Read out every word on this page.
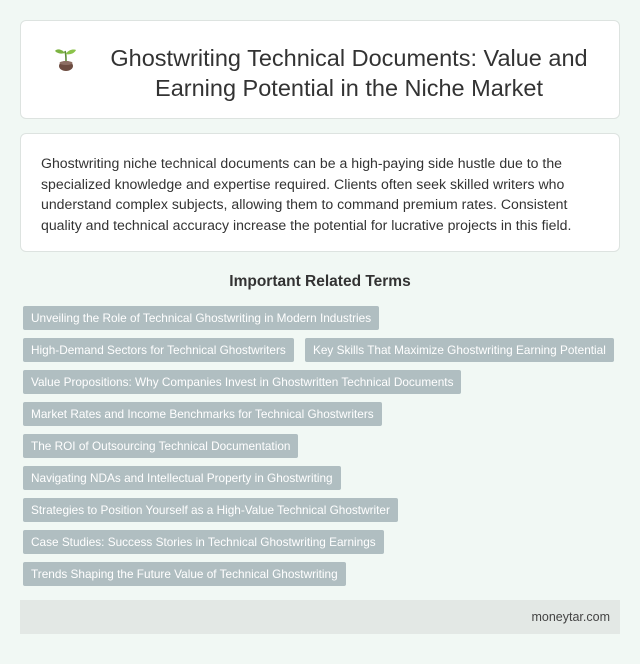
Ghostwriting Technical Documents: Value and Earning Potential in the Niche Market

Ghostwriting niche technical documents can be a high-paying side hustle due to the specialized knowledge and expertise required. Clients often seek skilled writers who understand complex subjects, allowing them to command premium rates. Consistent quality and technical accuracy increase the potential for lucrative projects in this field.

Important Related Terms
Unveiling the Role of Technical Ghostwriting in Modern Industries
High-Demand Sectors for Technical Ghostwriters	Key Skills That Maximize Ghostwriting Earning Potential
Value Propositions: Why Companies Invest in Ghostwritten Technical Documents
Market Rates and Income Benchmarks for Technical Ghostwriters
The ROI of Outsourcing Technical Documentation
Navigating NDAs and Intellectual Property in Ghostwriting
Strategies to Position Yourself as a High-Value Technical Ghostwriter
Case Studies: Success Stories in Technical Ghostwriting Earnings
Trends Shaping the Future Value of Technical Ghostwriting
moneytar.com
